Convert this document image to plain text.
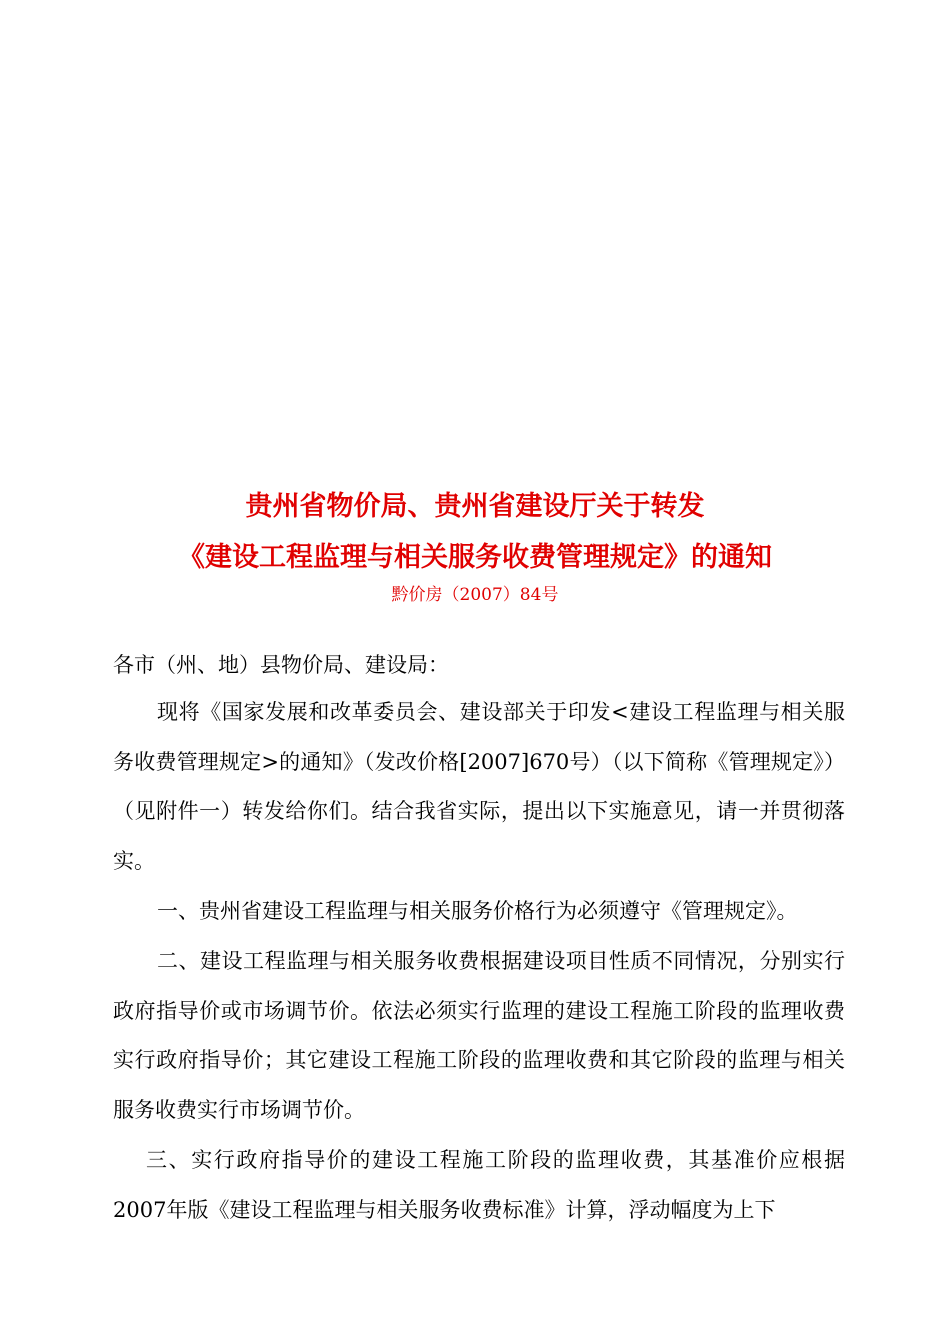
贵州省物价局、贵州省建设厅关于转发
《建设工程监理与相关服务收费管理规定》的通知
黔价房（2007）84号
各市（州、地）县物价局、建设局：
现将《国家发展和改革委员会、建设部关于印发<建设工程监理与相关服务收费管理规定>的通知》（发改价格[2007]670号）（以下简称《管理规定》）（见附件一）转发给你们。结合我省实际，提出以下实施意见，请一并贯彻落实。
一、贵州省建设工程监理与相关服务价格行为必须遵守《管理规定》。
二、建设工程监理与相关服务收费根据建设项目性质不同情况，分别实行政府指导价或市场调节价。依法必须实行监理的建设工程施工阶段的监理收费实行政府指导价；其它建设工程施工阶段的监理收费和其它阶段的监理与相关服务收费实行市场调节价。
三、实行政府指导价的建设工程施工阶段的监理收费，其基准价应根据2007年版《建设工程监理与相关服务收费标准》计算，浮动幅度为上下
